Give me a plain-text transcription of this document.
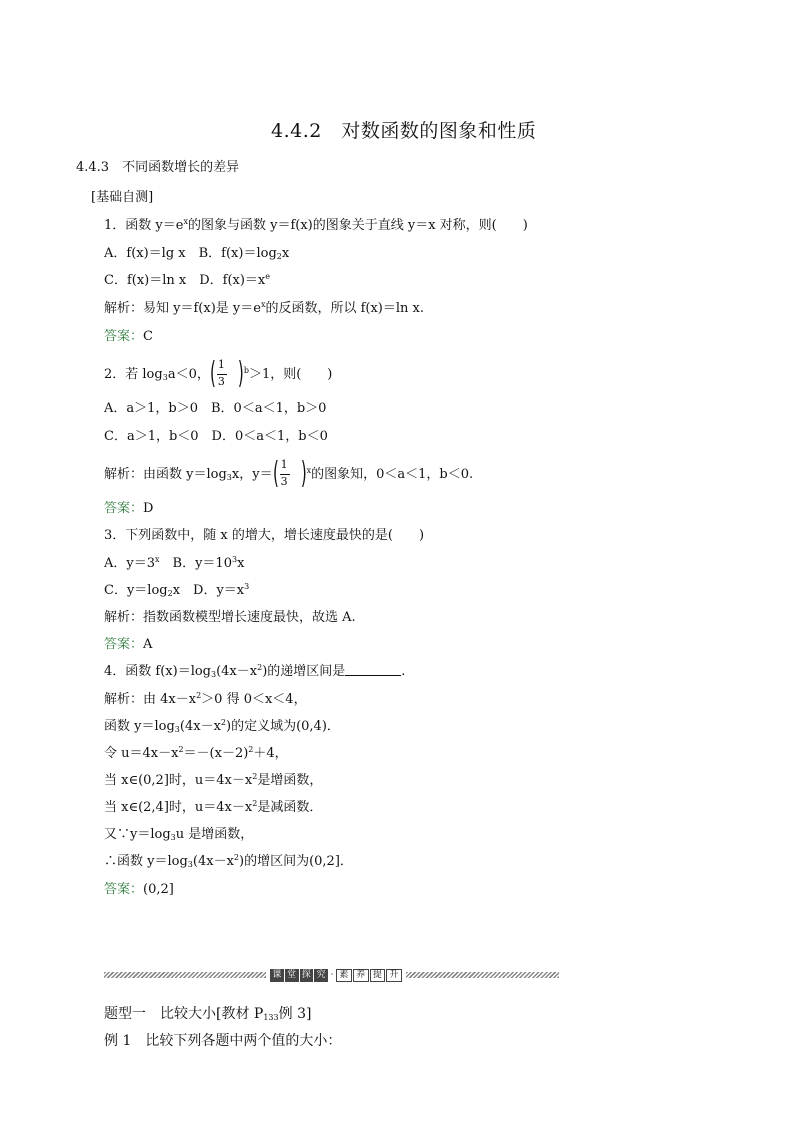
4.4.2　对数函数的图象和性质
4.4.3　不同函数增长的差异
[基础自测]
1．函数 $y=e^x$的图象与函数 y＝f(x)的图象关于直线 y＝x 对称，则(　　)
A．f(x)＝lg x　B．$f(x)=\log_2x$
C．f(x)＝ln x　D．$f(x)=x^e$
解析：易知 y＝f(x)是 $y=e^x$的反函数，所以 f(x)＝ln x.
答案：C
2．若 $\log_3a<0$， ( 1
3 ) $^b$＞1，则(　　)
A．a＞1，b＞0　B．0＜a＜1，b＞0
C．a＞1，b＜0　D．0＜a＜1，b＜0
解析：由函数 $y=\log_3x$，y＝ ( 1
3 ) $^x$的图象知，0＜a＜1，b＜0.
答案：D
3．下列函数中，随 x 的增大，增长速度最快的是(　　)
A．$y=3^x$　B．$y=10^3x$
C．$y=\log_2x$　D．$y=x^3$
解析：指数函数模型增长速度最快，故选 A.
答案：A
4．函数 $f(x)=\log_3(4x-x^2)$的递增区间是	.
解析：由 $4x-x^2>0$ 得 0＜x＜4，
函数 $y=\log_3(4x-x^2)$的定义域为(0,4)．
令 $u=4x-x^2=-(x-2)^2+4$，
当 x∈(0,2]时，$u=4x-x^2$是增函数，
当 x∈(2,4]时，$u=4x-x^2$是减函数．
又$\because y=\log_3u$ 是增函数，
∴函数 $y=\log_3(4x-x^2)$的增区间为(0,2]．
答案：(0,2]
课 堂 探 究 · 素 养 提 升
题型一　比较大小[教材 $P_{133}$例 3]
例 1　比较下列各题中两个值的大小：
